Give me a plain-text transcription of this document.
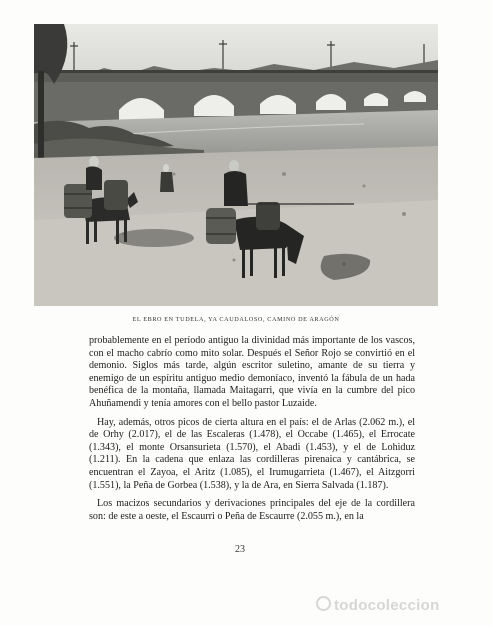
EL EBRO EN TUDELA, YA CAUDALOSO, CAMINO DE ARAGÓN

probablemente en el período antiguo la divinidad más importante de los vascos, con el macho cabrío como mito solar. Después el Señor Rojo se convirtió en el demonio. Siglos más tarde, algún escritor suletino, amante de su tierra y enemigo de un espíritu antiguo medio demoníaco, inventó la fábula de un hada benéfica de la montaña, llamada Maitagarri, que vivía en la cumbre del pico Ahuñamendi y tenía amores con el bello pastor Luzaide.

Hay, además, otros picos de cierta altura en el país: el de Arlas (2.062 m.), el de Orhy (2.017), el de las Escaleras (1.478), el Occabe (1.465), el Errocate (1.343), el monte Orsansurieta (1.570), el Abadi (1.453), y el de Lohiduz (1.211). En la cadena que enlaza las cordilleras pirenaica y cantábrica, se encuentran el Zayoa, el Aritz (1.085), el Irumugarrieta (1.467), el Aitzgorri (1.551), la Peña de Gorbea (1.538), y la de Ara, en Sierra Salvada (1.187).

Los macizos secundarios y derivaciones principales del eje de la cordillera son: de este a oeste, el Escaurri o Peña de Escaurre (2.055 m.), en la

23
todocoleccion
